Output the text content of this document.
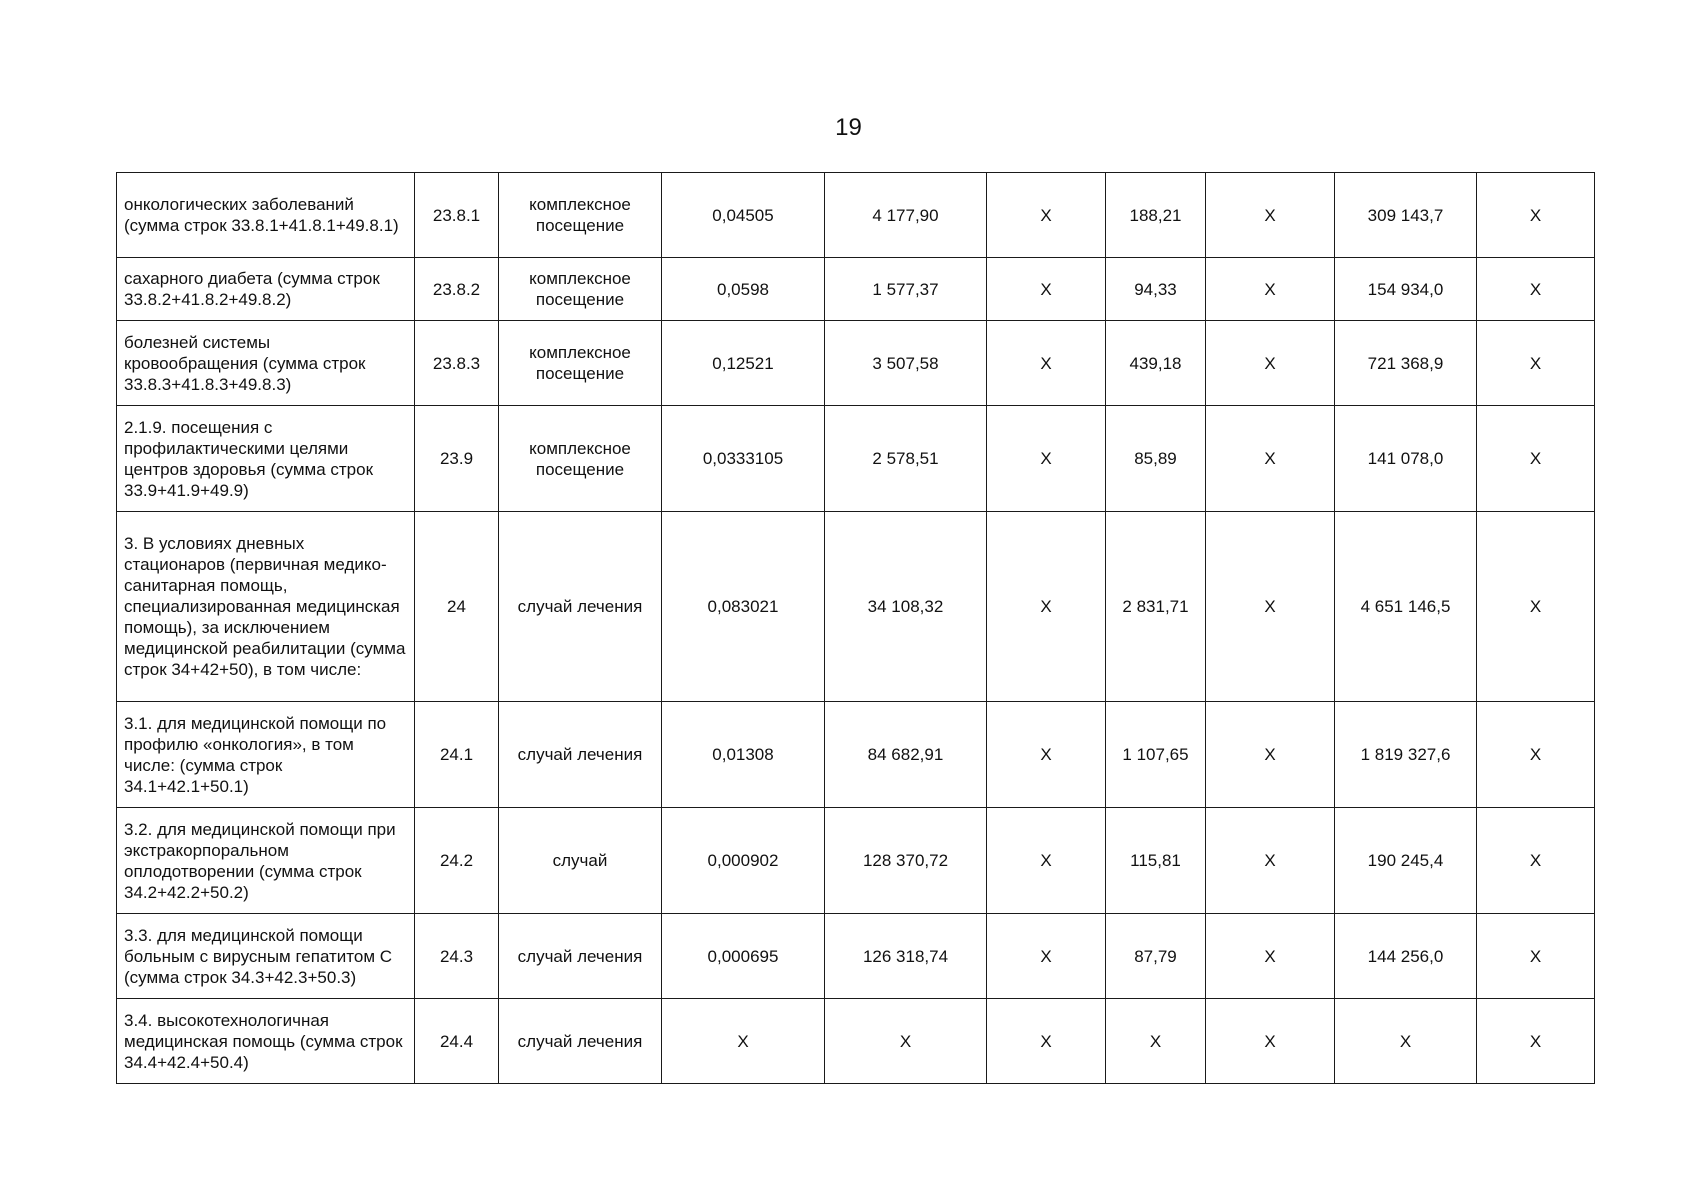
19
онкологических заболеваний (сумма строк 33.8.1+41.8.1+49.8.1)	23.8.1	комплексное посещение	0,04505	4 177,90	X	188,21	X	309 143,7	X
сахарного диабета (сумма строк 33.8.2+41.8.2+49.8.2)	23.8.2	комплексное посещение	0,0598	1 577,37	X	94,33	X	154 934,0	X
болезней системы кровообращения (сумма строк 33.8.3+41.8.3+49.8.3)	23.8.3	комплексное посещение	0,12521	3 507,58	X	439,18	X	721 368,9	X
2.1.9. посещения с профилактическими целями центров здоровья (сумма строк 33.9+41.9+49.9)	23.9	комплексное посещение	0,0333105	2 578,51	X	85,89	X	141 078,0	X
3. В условиях дневных стационаров (первичная медико-санитарная помощь, специализированная медицинская помощь), за исключением медицинской реабилитации (сумма строк 34+42+50), в том числе:	24	случай лечения	0,083021	34 108,32	X	2 831,71	X	4 651 146,5	X
3.1. для медицинской помощи по профилю «онкология», в том числе: (сумма строк 34.1+42.1+50.1)	24.1	случай лечения	0,01308	84 682,91	X	1 107,65	X	1 819 327,6	X
3.2. для медицинской помощи при экстракорпоральном оплодотворении (сумма строк 34.2+42.2+50.2)	24.2	случай	0,000902	128 370,72	X	115,81	X	190 245,4	X
3.3. для медицинской помощи больным с вирусным гепатитом С (сумма строк 34.3+42.3+50.3)	24.3	случай лечения	0,000695	126 318,74	X	87,79	X	144 256,0	X
3.4. высокотехнологичная медицинская помощь (сумма строк 34.4+42.4+50.4)	24.4	случай лечения	X	X	X	X	X	X	X
